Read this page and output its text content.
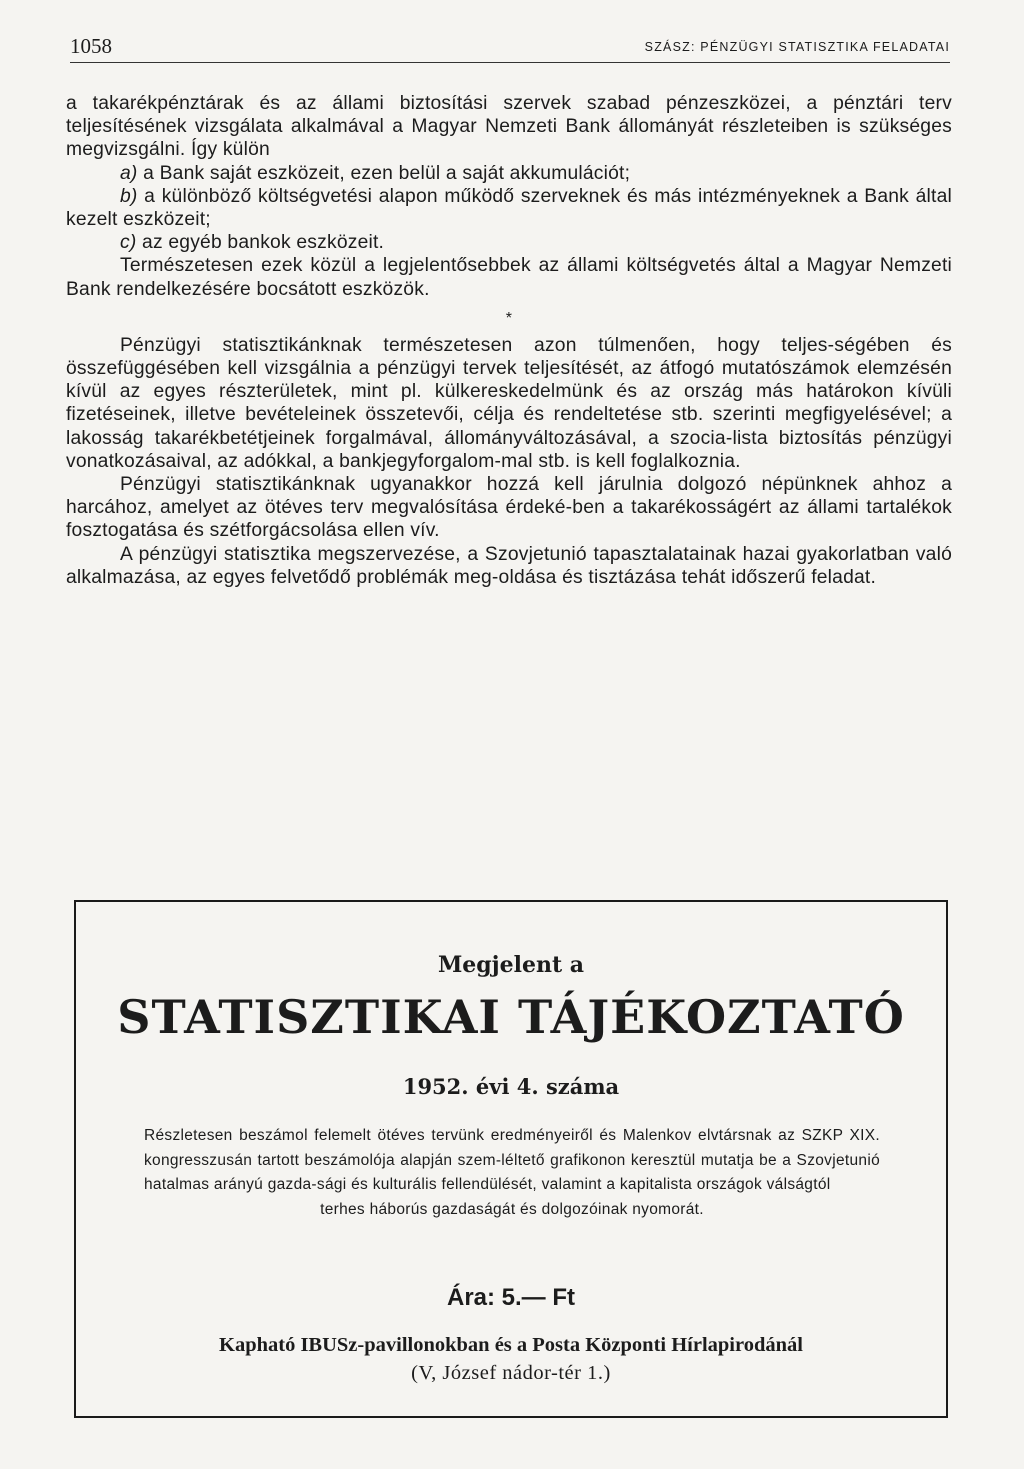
1058	SZÁSZ: PÉNZÜGYI STATISZTIKA FELADATAI

a takarékpénztárak és az állami biztosítási szervek szabad pénzeszközei, a pénztári terv teljesítésének vizsgálata alkalmával a Magyar Nemzeti Bank állományát részleteiben is szükséges megvizsgálni. Így külön

a) a Bank saját eszközeit, ezen belül a saját akkumulációt;

b) a különböző költségvetési alapon működő szerveknek és más intézményeknek a Bank által kezelt eszközeit;

c) az egyéb bankok eszközeit.

Természetesen ezek közül a legjelentősebbek az állami költségvetés által a Magyar Nemzeti Bank rendelkezésére bocsátott eszközök.

*

Pénzügyi statisztikánknak természetesen azon túlmenően, hogy teljes-ségében és összefüggésében kell vizsgálnia a pénzügyi tervek teljesítését, az átfogó mutatószámok elemzésén kívül az egyes részterületek, mint pl. külkereskedelmünk és az ország más határokon kívüli fizetéseinek, illetve bevételeinek összetevői, célja és rendeltetése stb. szerinti megfigyelésével; a lakosság takarékbetétjeinek forgalmával, állományváltozásával, a szocia-lista biztosítás pénzügyi vonatkozásaival, az adókkal, a bankjegyforgalom-mal stb. is kell foglalkoznia.

Pénzügyi statisztikánknak ugyanakkor hozzá kell járulnia dolgozó népünknek ahhoz a harcához, amelyet az ötéves terv megvalósítása érdeké-ben a takarékosságért az állami tartalékok fosztogatása és szétforgácsolása ellen vív.

A pénzügyi statisztika megszervezése, a Szovjetunió tapasztalatainak hazai gyakorlatban való alkalmazása, az egyes felvetődő problémák meg-oldása és tisztázása tehát időszerű feladat.

Megjelent a
STATISZTIKAI TÁJÉKOZTATÓ
1952. évi 4. száma
Részletesen beszámol felemelt ötéves tervünk eredményeiről és Malenkov elvtársnak az SZKP XIX. kongresszusán tartott beszámolója alapján szem-léltető grafikonon keresztül mutatja be a Szovjetunió hatalmas arányú gazda-sági és kulturális fellendülését, valamint a kapitalista országok válságtól
terhes háborús gazdaságát és dolgozóinak nyomorát.
Ára: 5.— Ft
Kapható IBUSz-pavillonokban és a Posta Központi Hírlapirodánál
(V, József nádor-tér 1.)
